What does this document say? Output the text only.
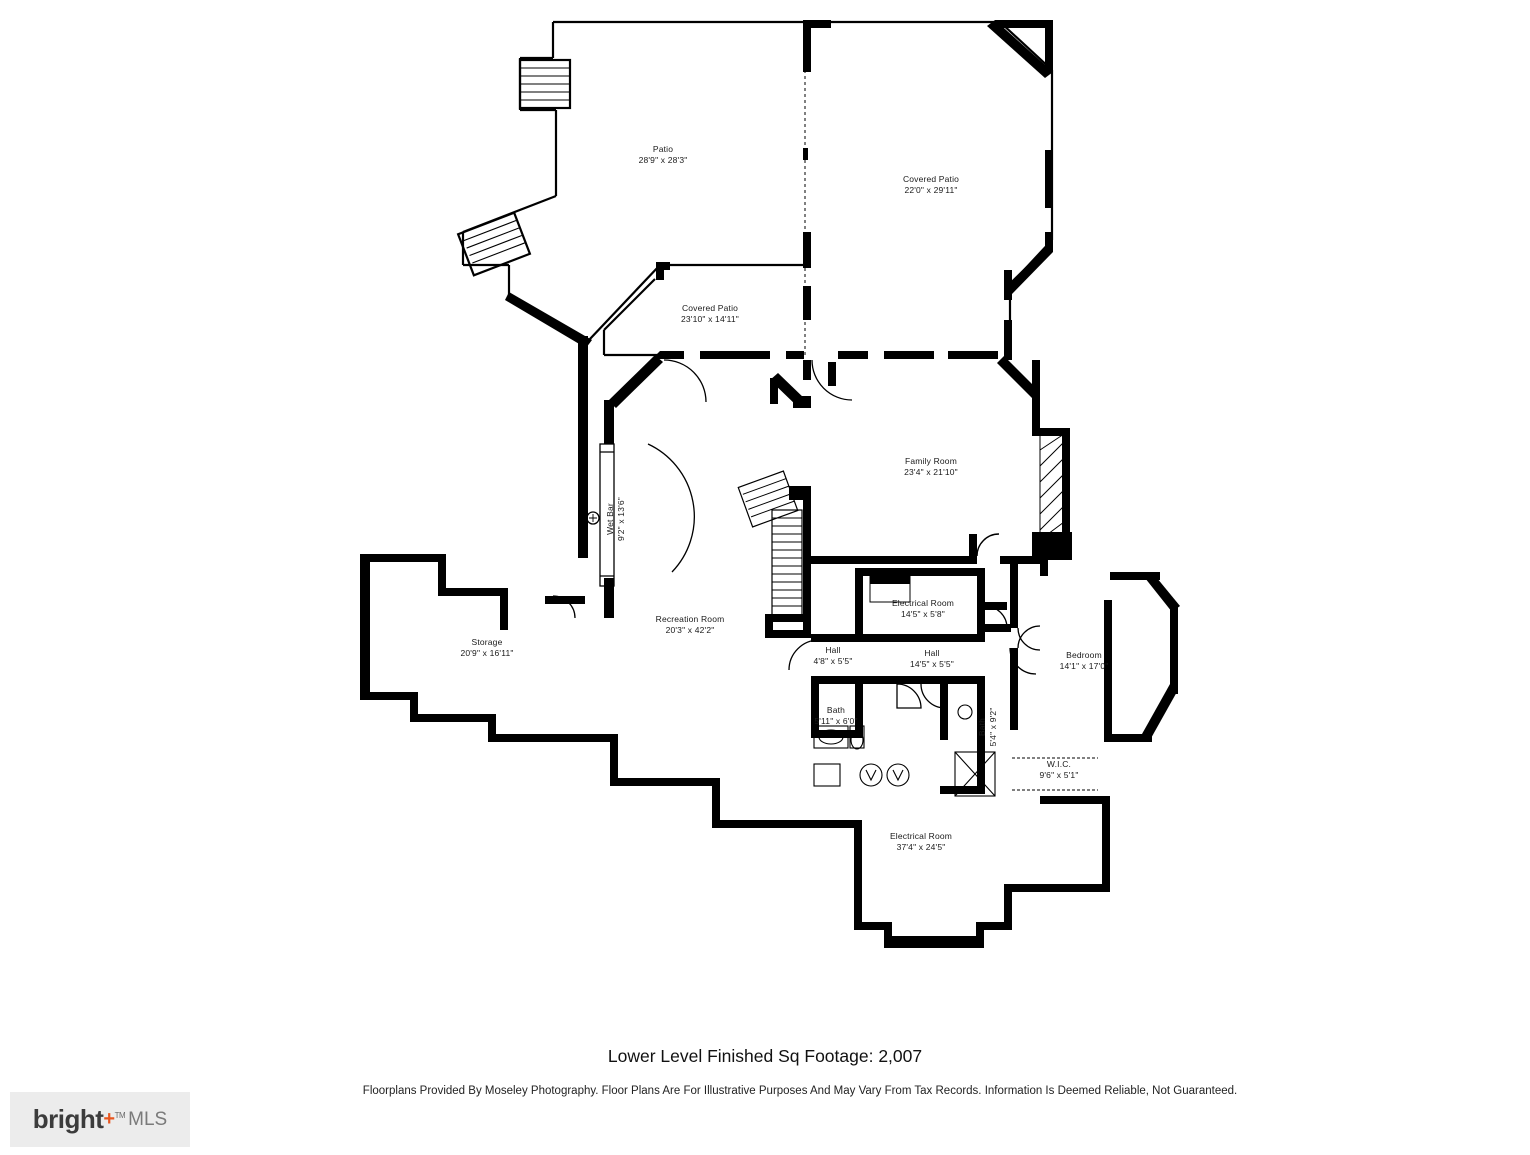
Patio
28'9" x 28'3"
Covered Patio
22'0" x 29'11"
Covered Patio
23'10" x 14'11"
Family Room
23'4" x 21'10"
Wet Bar 9'2" x 13'6"
Recreation Room
20'3" x 42'2"
Storage
20'9" x 16'11"
Electrical Room
14'5" x 5'8"
Hall
4'8" x 5'5"
Hall
14'5" x 5'5"
Bedroom
14'1" x 17'0"
Bath
5'11" x 6'0"	Bath 5'4" x 9'2"
W.I.C.
9'6" x 5'1"
Electrical Room
37'4" x 24'5"
Lower Level Finished Sq Footage: 2,007
Floorplans Provided By Moseley Photography. Floor Plans Are For Illustrative Purposes And May Vary From Tax Records. Information Is Deemed Reliable, Not Guaranteed.
bright+™ MLS
